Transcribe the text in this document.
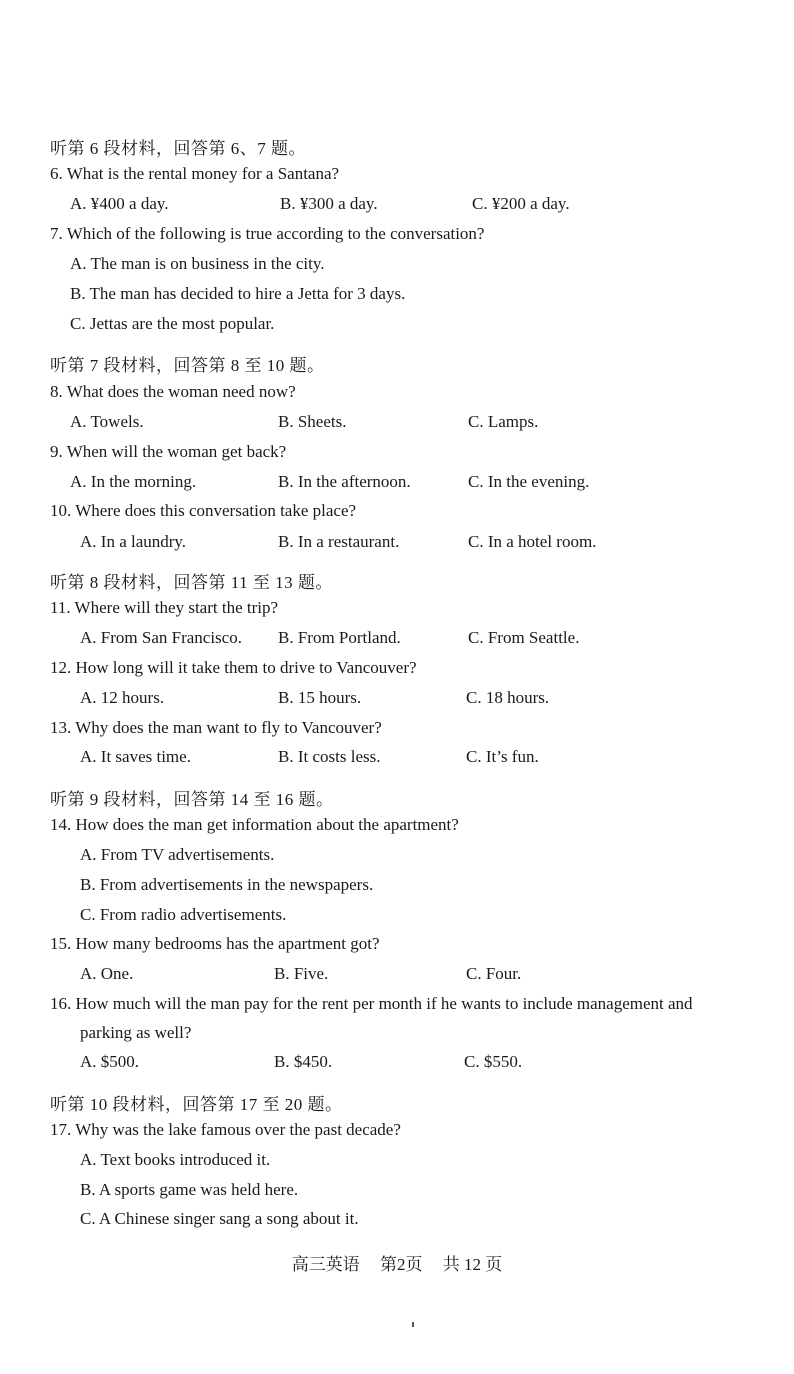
听第 6 段材料，回答第 6、7 题。
6. What is the rental money for a Santana?
A. ¥400 a day.	B. ¥300 a day.	C. ¥200 a day.
7. Which of the following is true according to the conversation?
A. The man is on business in the city.
B. The man has decided to hire a Jetta for 3 days.
C. Jettas are the most popular.
听第 7 段材料，回答第 8 至 10 题。
8. What does the woman need now?
A. Towels.	B. Sheets.	C. Lamps.
9. When will the woman get back?
A. In the morning.	B. In the afternoon.	C. In the evening.
10. Where does this conversation take place?
A. In a laundry.	B. In a restaurant.	C. In a hotel room.
听第 8 段材料，回答第 11 至 13 题。
11. Where will they start the trip?
A. From San Francisco. B. From Portland.	C. From Seattle.
12. How long will it take them to drive to Vancouver?
A. 12 hours.	B. 15 hours.	C. 18 hours.
13. Why does the man want to fly to Vancouver?
A. It saves time.	B. It costs less.	C. It’s fun.
听第 9 段材料，回答第 14 至 16 题。
14. How does the man get information about the apartment?
A. From TV advertisements.
B. From advertisements in the newspapers.
C. From radio advertisements.
15. How many bedrooms has the apartment got?
A. One.	B. Five.	C. Four.
16. How much will the man pay for the rent per month if he wants to include management and
parking as well?
A. $500.	B. $450.	C. $550.
听第 10 段材料，回答第 17 至 20 题。
17. Why was the lake famous over the past decade?
A. Text books introduced it.
B. A sports game was held here.
C. A Chinese singer sang a song about it.
高三英语 第2页 共 12 页
